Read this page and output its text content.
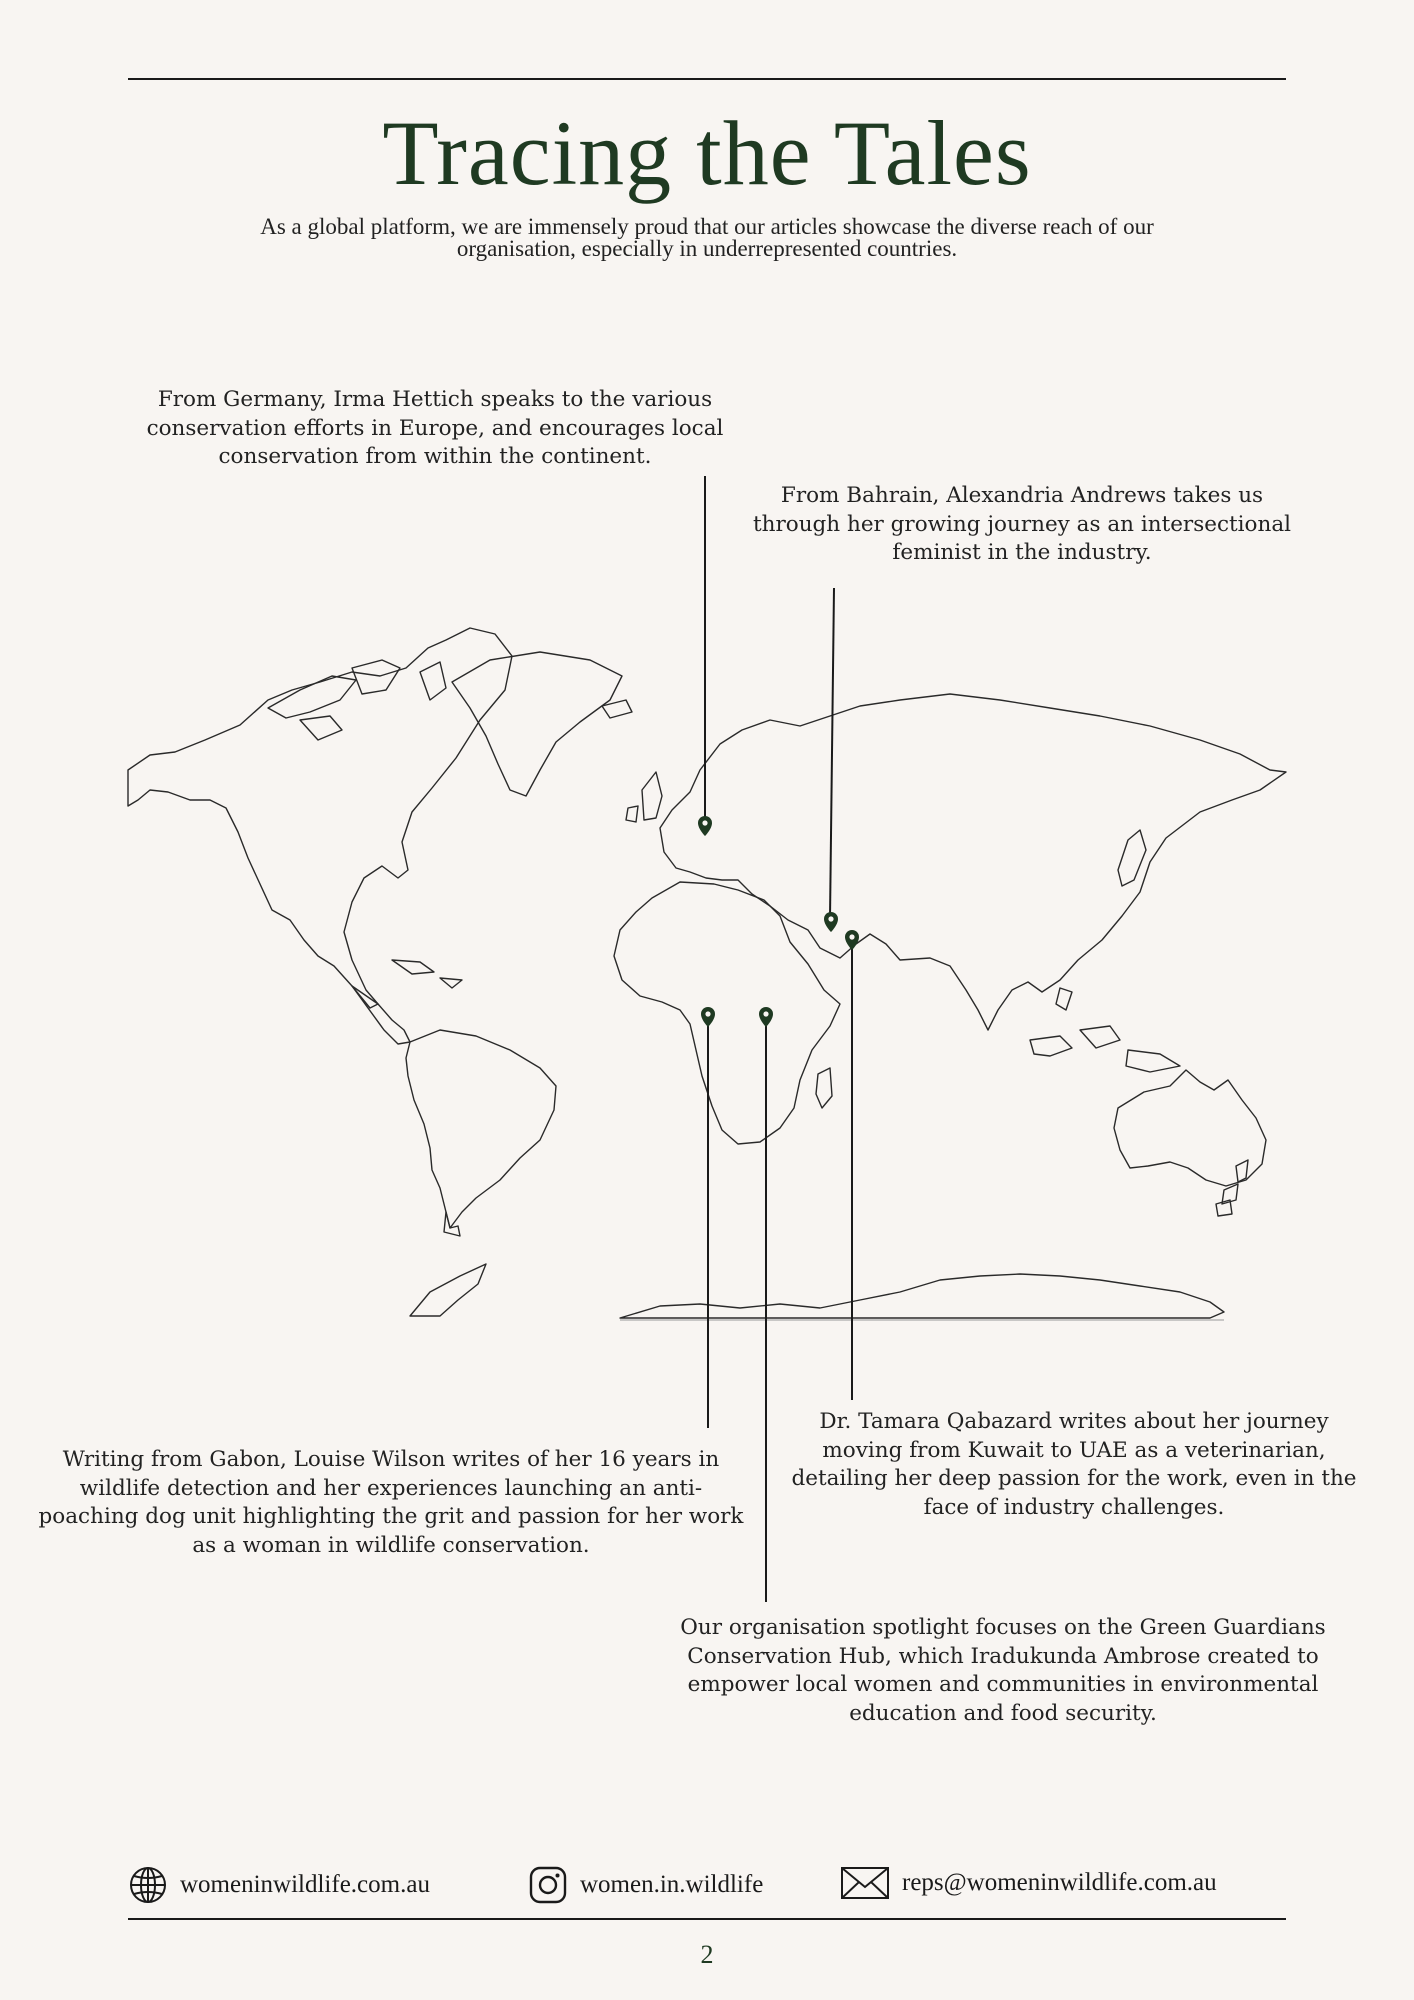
Tracing the Tales
As a global platform, we are immensely proud that our articles showcase the diverse reach of our
organisation, especially in underrepresented countries.
From Germany, Irma Hettich speaks to the various conservation efforts in Europe, and encourages local conservation from within the continent.
From Bahrain, Alexandria Andrews takes us through her growing journey as an intersectional feminist in the industry.
Writing from Gabon, Louise Wilson writes of her 16 years in wildlife detection and her experiences launching an anti-poaching dog unit highlighting the grit and passion for her work as a woman in wildlife conservation.
Dr. Tamara Qabazard writes about her journey moving from Kuwait to UAE as a veterinarian, detailing her deep passion for the work, even in the face of industry challenges.
Our organisation spotlight focuses on the Green Guardians Conservation Hub, which Iradukunda Ambrose created to empower local women and communities in environmental education and food security.
womeninwildlife.com.au	women.in.wildlife	reps@womeninwildlife.com.au
2
